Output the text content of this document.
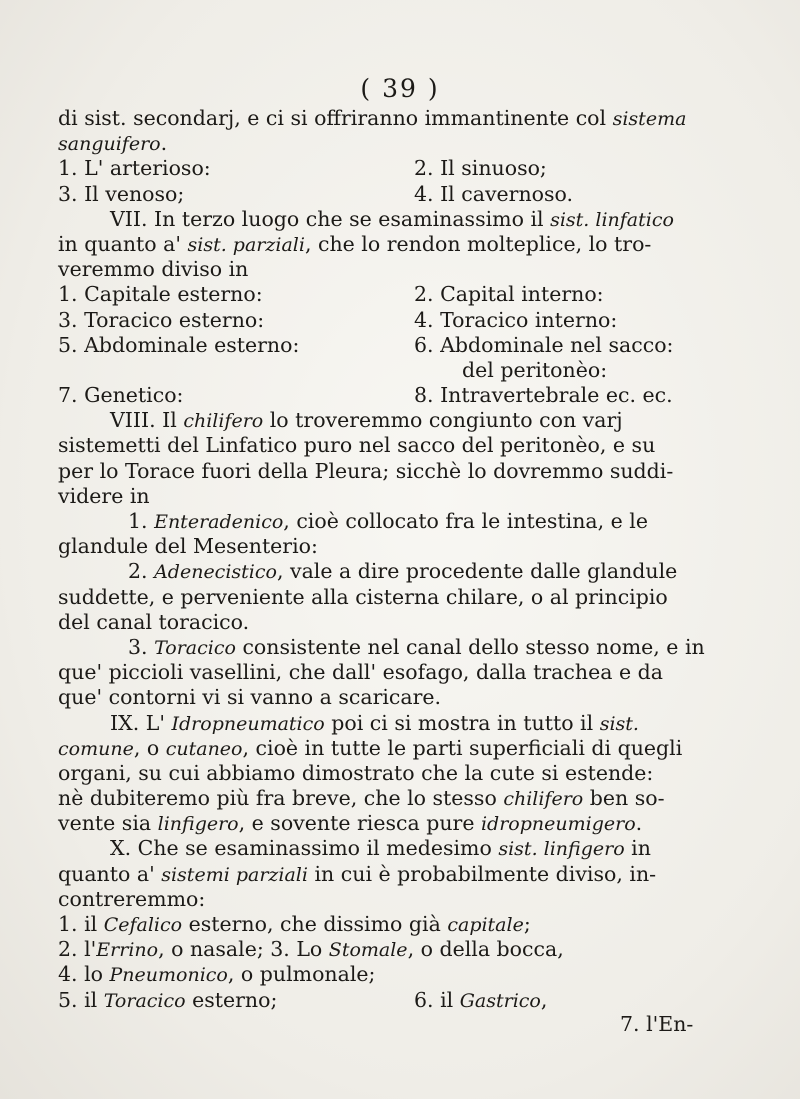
( 39 )
di sist. secondarj, e ci si offriranno immantinente col sistema
sanguifero.
1. L' arterioso:	2. Il sinuoso;
3. Il venoso;	4. Il cavernoso.
VII. In terzo luogo che se esaminassimo il sist. linfatico
in quanto a' sist. parziali, che lo rendon molteplice, lo tro-
veremmo diviso in
1. Capitale esterno:	2. Capital interno:
3. Toracico esterno:	4. Toracico interno:
5. Abdominale esterno:	6. Abdominale nel sacco:
del peritonèo:
7. Genetico:	8. Intravertebrale ec. ec.
VIII. Il chilifero lo troveremmo congiunto con varj
sistemetti del Linfatico puro nel sacco del peritonèo, e su
per lo Torace fuori della Pleura; sicchè lo dovremmo suddi-
videre in
1. Enteradenico, cioè collocato fra le intestina, e le
glandule del Mesenterio:
2. Adenecistico, vale a dire procedente dalle glandule
suddette, e perveniente alla cisterna chilare, o al principio
del canal toracico.
3. Toracico consistente nel canal dello stesso nome, e in
que' piccioli vasellini, che dall' esofago, dalla trachea e da
que' contorni vi si vanno a scaricare.
IX. L' Idropneumatico poi ci si mostra in tutto il sist.
comune, o cutaneo, cioè in tutte le parti superficiali di quegli
organi, su cui abbiamo dimostrato che la cute si estende:
nè dubiteremo più fra breve, che lo stesso chilifero ben so-
vente sia linfigero, e sovente riesca pure idropneumigero.
X. Che se esaminassimo il medesimo sist. linfigero in
quanto a' sistemi parziali in cui è probabilmente diviso, in-
contreremmo:
1. il Cefalico esterno, che dissimo già capitale;
2. l'Errino, o nasale; 3. Lo Stomale, o della bocca,
4. lo Pneumonico, o pulmonale;
5. il Toracico esterno;	6. il Gastrico,
7. l'En-
